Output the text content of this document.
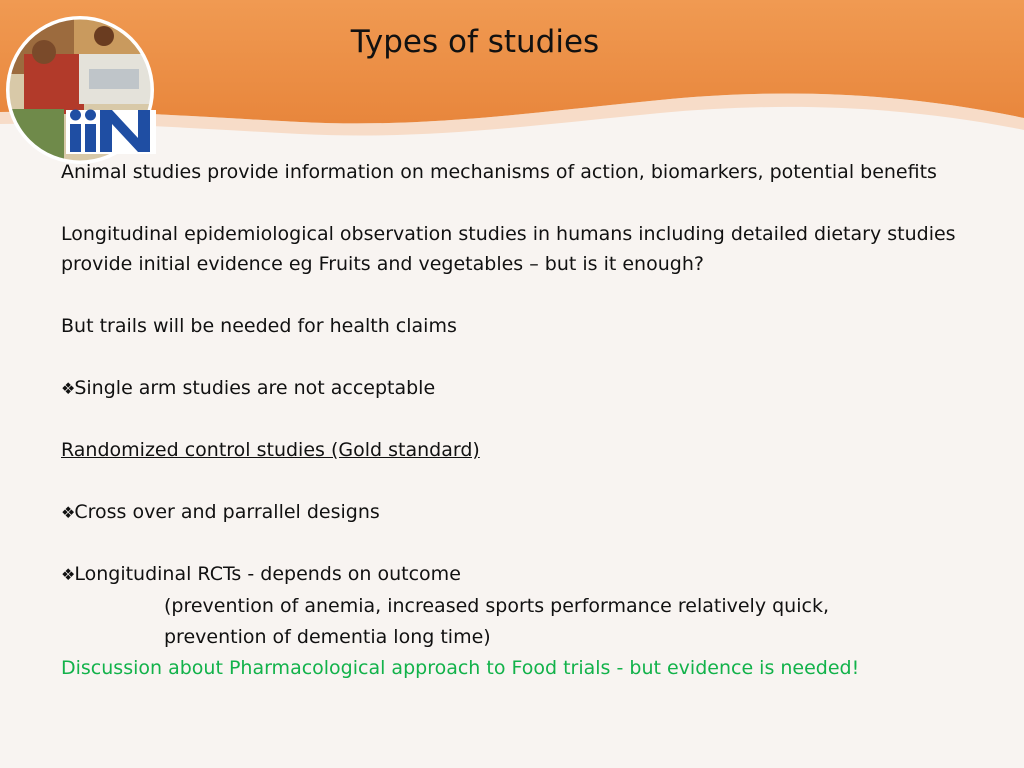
Types of studies

Animal studies provide information on mechanisms of action, biomarkers, potential benefits

Longitudinal epidemiological observation studies in humans including detailed dietary studies provide initial evidence eg Fruits and vegetables – but is it enough?

But trails will be needed for health claims

❖Single arm studies are not acceptable

Randomized control studies (Gold standard)

❖Cross over and parrallel designs

❖Longitudinal RCTs - depends on outcome

(prevention of anemia, increased sports performance relatively quick,

prevention of dementia long time)

Discussion about Pharmacological approach to Food trials - but evidence is needed!
